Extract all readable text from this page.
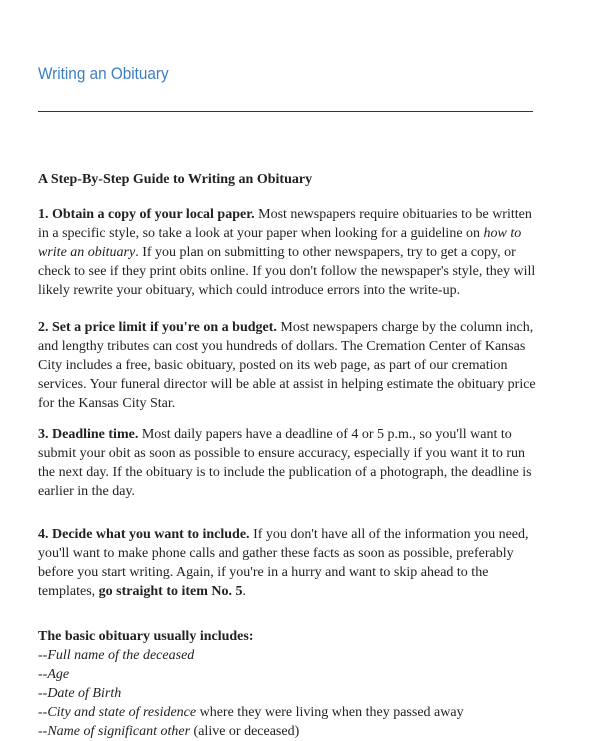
Writing an Obituary

A Step-By-Step Guide to Writing an Obituary

1. Obtain a copy of your local paper. Most newspapers require obituaries to be written in a specific style, so take a look at your paper when looking for a guideline on how to write an obituary. If you plan on submitting to other newspapers, try to get a copy, or check to see if they print obits online. If you don't follow the newspaper's style, they will likely rewrite your obituary, which could introduce errors into the write-up.

2. Set a price limit if you're on a budget. Most newspapers charge by the column inch, and lengthy tributes can cost you hundreds of dollars. The Cremation Center of Kansas City includes a free, basic obituary, posted on its web page, as part of our cremation services. Your funeral director will be able at assist in helping estimate the obituary price for the Kansas City Star.

3. Deadline time. Most daily papers have a deadline of 4 or 5 p.m., so you'll want to submit your obit as soon as possible to ensure accuracy, especially if you want it to run the next day. If the obituary is to include the publication of a photograph, the deadline is earlier in the day.

4. Decide what you want to include. If you don't have all of the information you need, you'll want to make phone calls and gather these facts as soon as possible, preferably before you start writing. Again, if you're in a hurry and want to skip ahead to the templates, go straight to item No. 5.

The basic obituary usually includes:

--Full name of the deceased
--Age
--Date of Birth
--City and state of residence where they were living when they passed away
--Name of significant other (alive or deceased)
